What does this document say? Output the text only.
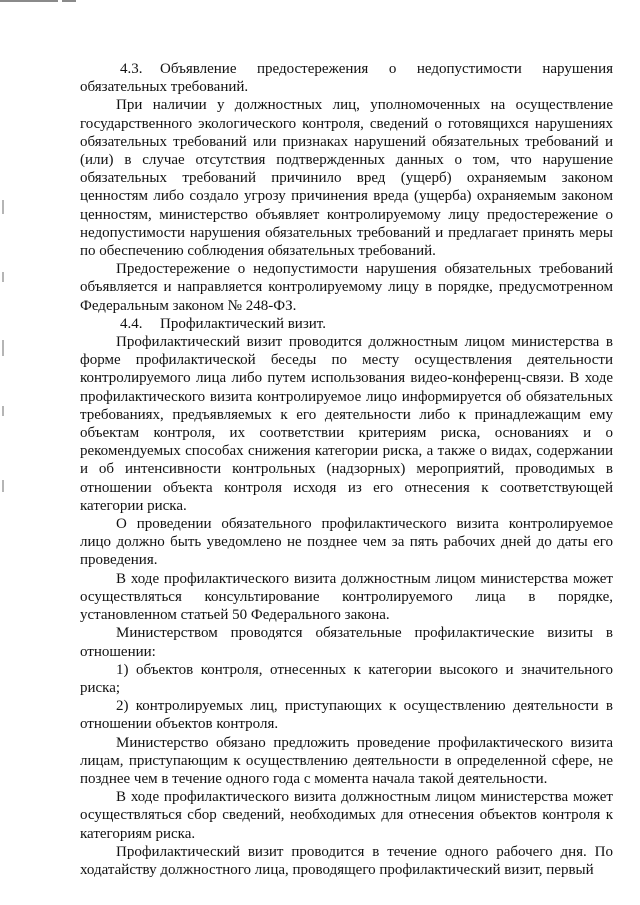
4.3. Объявление предостережения о недопустимости нарушения обязательных требований.

При наличии у должностных лиц, уполномоченных на осуществление государственного экологического контроля, сведений о готовящихся нарушениях обязательных требований или признаках нарушений обязательных требований и (или) в случае отсутствия подтвержденных данных о том, что нарушение обязательных требований причинило вред (ущерб) охраняемым законом ценностям либо создало угрозу причинения вреда (ущерба) охраняемым законом ценностям, министерство объявляет контролируемому лицу предостережение о недопустимости нарушения обязательных требований и предлагает принять меры по обеспечению соблюдения обязательных требований.

Предостережение о недопустимости нарушения обязательных требований объявляется и направляется контролируемому лицу в порядке, предусмотренном Федеральным законом № 248-ФЗ.

4.4. Профилактический визит.

Профилактический визит проводится должностным лицом министерства в форме профилактической беседы по месту осуществления деятельности контролируемого лица либо путем использования видео-конференц-связи. В ходе профилактического визита контролируемое лицо информируется об обязательных требованиях, предъявляемых к его деятельности либо к принадлежащим ему объектам контроля, их соответствии критериям риска, основаниях и о рекомендуемых способах снижения категории риска, а также о видах, содержании и об интенсивности контрольных (надзорных) мероприятий, проводимых в отношении объекта контроля исходя из его отнесения к соответствующей категории риска.

О проведении обязательного профилактического визита контролируемое лицо должно быть уведомлено не позднее чем за пять рабочих дней до даты его проведения.

В ходе профилактического визита должностным лицом министерства может осуществляться консультирование контролируемого лица в порядке, установленном статьей 50 Федерального закона.

Министерством проводятся обязательные профилактические визиты в отношении:

1) объектов контроля, отнесенных к категории высокого и значительного риска;

2) контролируемых лиц, приступающих к осуществлению деятельности в отношении объектов контроля.

Министерство обязано предложить проведение профилактического визита лицам, приступающим к осуществлению деятельности в определенной сфере, не позднее чем в течение одного года с момента начала такой деятельности.

В ходе профилактического визита должностным лицом министерства может осуществляться сбор сведений, необходимых для отнесения объектов контроля к категориям риска.

Профилактический визит проводится в течение одного рабочего дня. По ходатайству должностного лица, проводящего профилактический визит, первый
